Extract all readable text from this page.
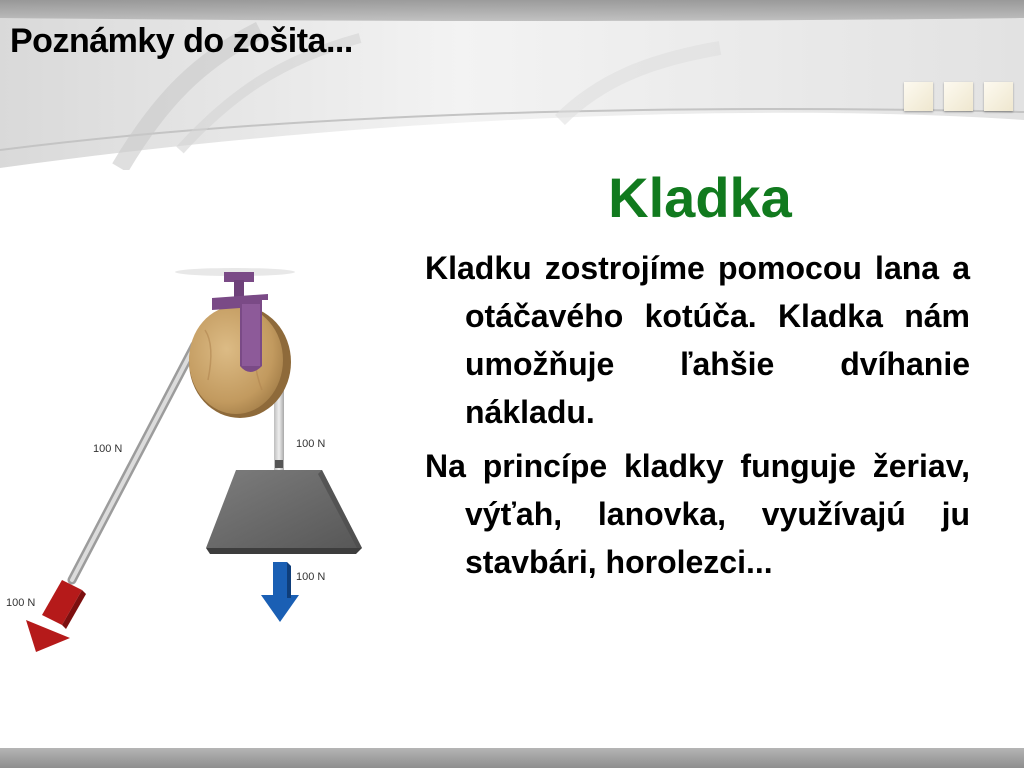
Poznámky do zošita...
Kladka

Kladku zostrojíme pomocou lana a otáčavého kotúča. Kladka nám umožňuje ľahšie dvíhanie nákladu.

Na princípe kladky funguje žeriav, výťah, lanovka, využívajú ju stavbári, horolezci...

100 N	100 N
100 N
100 N
